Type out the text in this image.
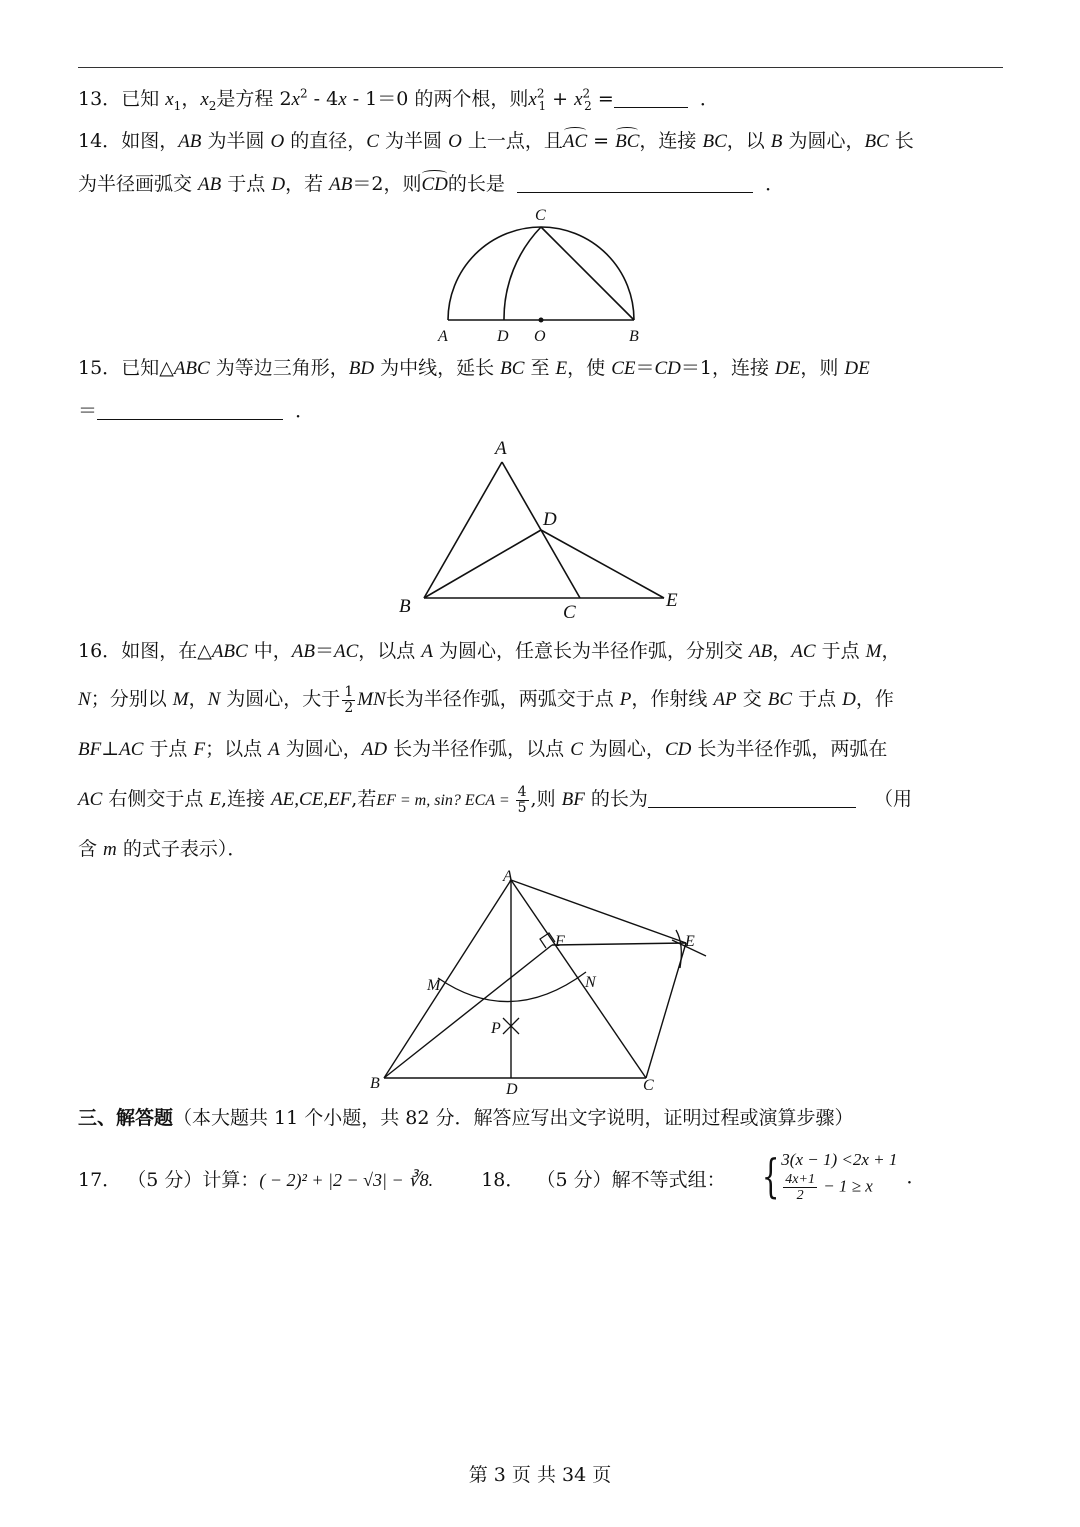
13．已知 $x_1$，$x_2$是方程 $2x^2 - 4x - 1=0$ 的两个根，则$x^2_1 + x^2_2$ =	．
14．如图，AB 为半圆 O 的直径，C 为半圆 O 上一点，且AC = BC，连接 BC，以 B 为圆心，BC 长
为半径画弧交 AB 于点 D，若 AB＝2，则CD的长是	．
C
A	D O	B
15．已知△ABC 为等边三角形，BD 为中线，延长 BC 至 E，使 CE＝CD＝1，连接 DE，则 DE
＝	．
A
D
B	C
E
16．如图，在△ABC 中，AB＝AC，以点 A 为圆心，任意长为半径作弧，分别交 AB，AC 于点 M，
N；分别以 M，N 为圆心，大于 $\frac{1}{2}$ MN长为半径作弧，两弧交于点 P，作射线 AP 交 BC 于点 D，作
BF⊥AC 于点 F；以点 A 为圆心，AD 长为半径作弧，以点 C 为圆心，CD 长为半径作弧，两弧在
AC 右侧交于点 E,连接 AE,CE,EF,若EF = m, sin? ECA = $\frac{4}{5}$ ,则 BF 的长为	（用
含 m 的式子表示）．
A
F	E
M	N
P
B	D	C
三、解答题（本大题共 11 个小题，共 82 分．解答应写出文字说明，证明过程或演算步骤）
17． （5 分）计算：( − 2)² + |2 − √3| − ∛8.	18． （5 分）解不等式组： { 3(x − 1) <2x + 1
$\frac{4x+1}{2} - 1 \ge x$	．
第 3 页 共 34 页
